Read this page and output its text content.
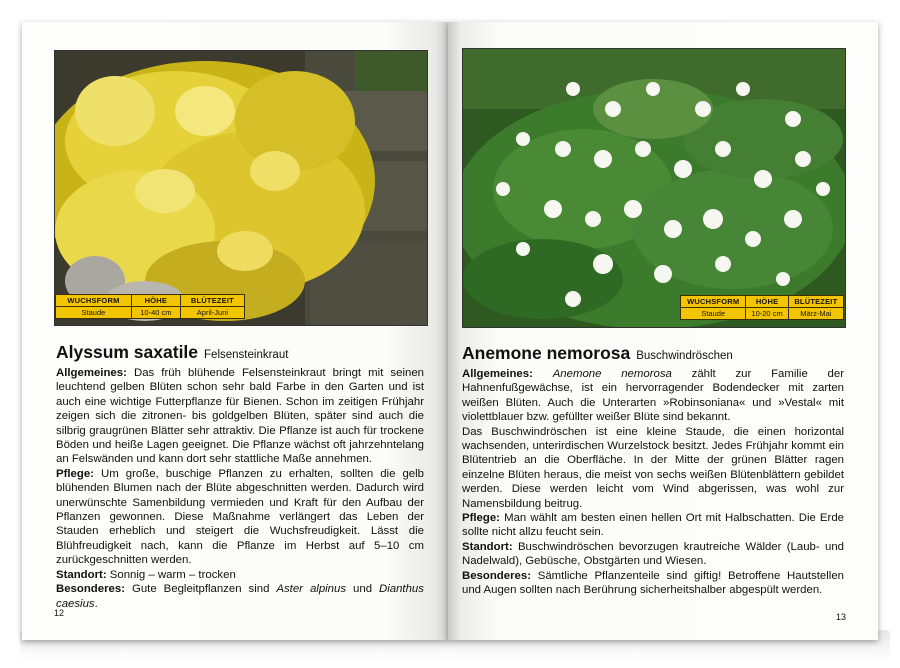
WUCHSFORM	HÖHE	BLÜTEZEIT
Staude	10-40 cm	April-Juni
Alyssum saxatile Felsensteinkraut

Allgemeines: Das früh blühende Felsensteinkraut bringt mit seinen leuchtend gelben Blüten schon sehr bald Farbe in den Garten und ist auch eine wichtige Futterpflanze für Bienen. Schon im zeitigen Frühjahr zeigen sich die zitronen- bis goldgelben Blüten, später sind auch die silbrig graugrünen Blätter sehr attraktiv. Die Pflanze ist auch für trockene Böden und heiße Lagen geeignet. Die Pflanze wächst oft jahrzehntelang an Felswänden und kann dort sehr stattliche Maße annehmen.

Pflege: Um große, buschige Pflanzen zu erhalten, sollten die gelb blühenden Blumen nach der Blüte abgeschnitten werden. Dadurch wird unerwünschte Samenbildung vermieden und Kraft für den Aufbau der Pflanzen gewonnen. Diese Maßnahme verlängert das Leben der Stauden erheblich und steigert die Wuchsfreudigkeit. Lässt die Blühfreudigkeit nach, kann die Pflanze im Herbst auf 5–10 cm zurückgeschnitten werden.

Standort: Sonnig – warm – trocken

Besonderes: Gute Begleitpflanzen sind Aster alpinus und Dianthus caesius.

12
WUCHSFORM	HÖHE	BLÜTEZEIT
Staude	10-20 cm	März-Mai
Anemone nemorosa Buschwindröschen

Allgemeines: Anemone nemorosa zählt zur Familie der Hahnenfußgewächse, ist ein hervorragender Bodendecker mit zarten weißen Blüten. Auch die Unterarten »Robinsoniana« und »Vestal« mit violettblauer bzw. gefüllter weißer Blüte sind bekannt.

Das Buschwindröschen ist eine kleine Staude, die einen horizontal wachsenden, unterirdischen Wurzelstock besitzt. Jedes Frühjahr kommt ein Blütentrieb an die Oberfläche. In der Mitte der grünen Blätter ragen einzelne Blüten heraus, die meist von sechs weißen Blütenblättern gebildet werden. Diese werden leicht vom Wind abgerissen, was wohl zur Namensbildung beitrug.

Pflege: Man wählt am besten einen hellen Ort mit Halbschatten. Die Erde sollte nicht allzu feucht sein.

Standort: Buschwindröschen bevorzugen krautreiche Wälder (Laub- und Nadelwald), Gebüsche, Obstgärten und Wiesen.

Besonderes: Sämtliche Pflanzenteile sind giftig! Betroffene Hautstellen und Augen sollten nach Berührung sicherheitshalber abgespült werden.

13
